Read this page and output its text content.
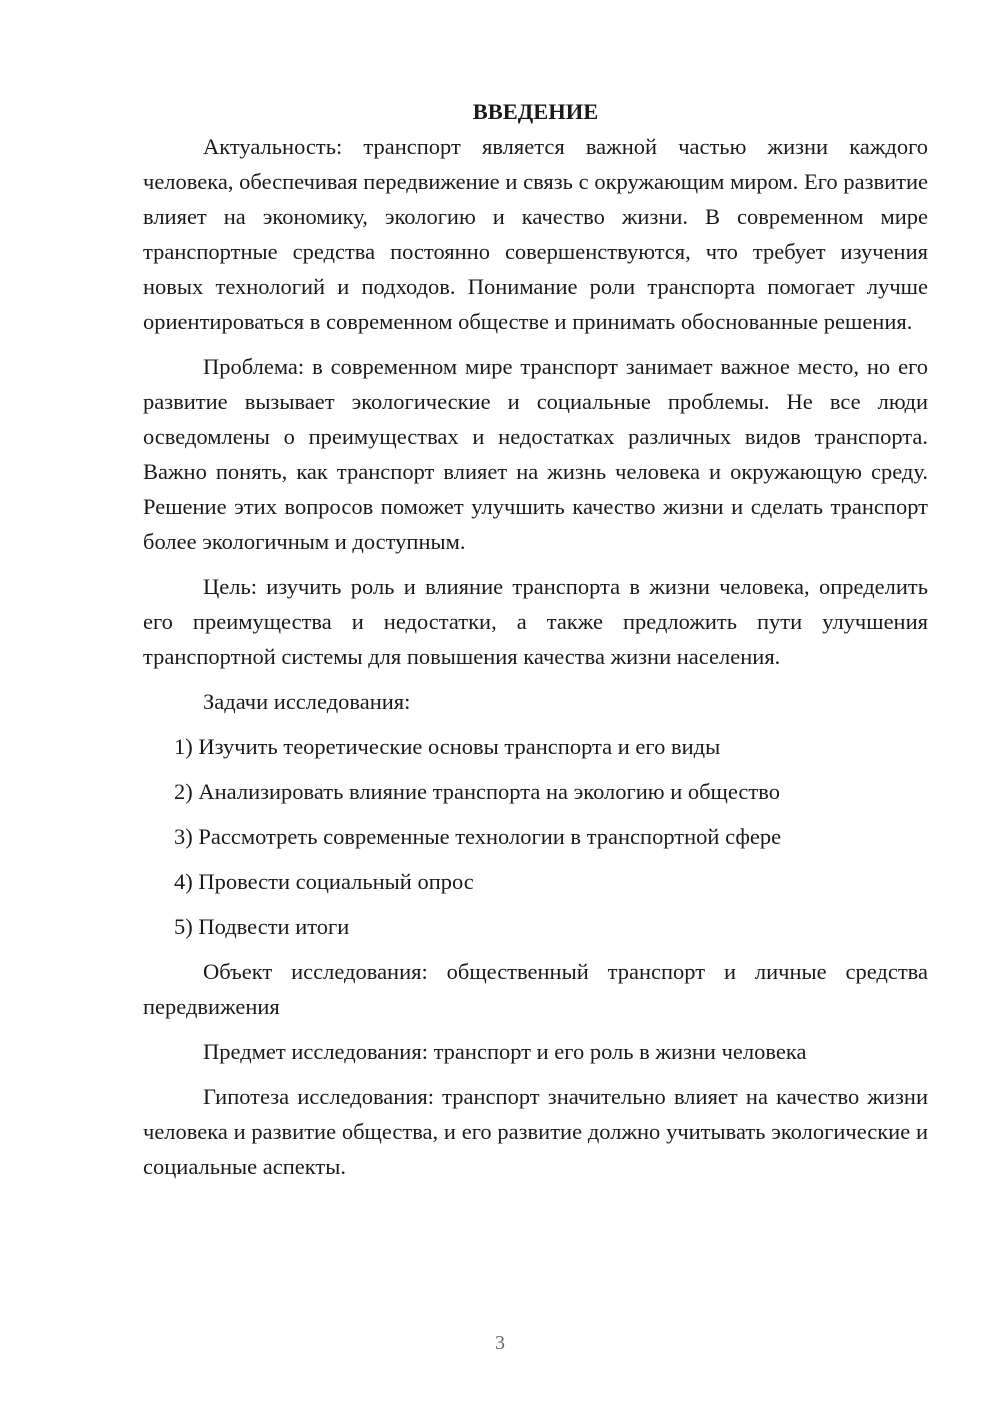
ВВЕДЕНИЕ

Актуальность: транспорт является важной частью жизни каждого человека, обеспечивая передвижение и связь с окружающим миром. Его развитие влияет на экономику, экологию и качество жизни. В современном мире транспортные средства постоянно совершенствуются, что требует изучения новых технологий и подходов. Понимание роли транспорта помогает лучше ориентироваться в современном обществе и принимать обоснованные решения.

Проблема: в современном мире транспорт занимает важное место, но его развитие вызывает экологические и социальные проблемы. Не все люди осведомлены о преимуществах и недостатках различных видов транспорта. Важно понять, как транспорт влияет на жизнь человека и окружающую среду. Решение этих вопросов поможет улучшить качество жизни и сделать транспорт более экологичным и доступным.

Цель: изучить роль и влияние транспорта в жизни человека, определить его преимущества и недостатки, а также предложить пути улучшения транспортной системы для повышения качества жизни населения.

Задачи исследования:

1) Изучить теоретические основы транспорта и его виды
2) Анализировать влияние транспорта на экологию и общество
3) Рассмотреть современные технологии в транспортной сфере
4) Провести социальный опрос
5) Подвести итоги

Объект исследования: общественный транспорт и личные средства передвижения

Предмет исследования: транспорт и его роль в жизни человека

Гипотеза исследования: транспорт значительно влияет на качество жизни человека и развитие общества, и его развитие должно учитывать экологические и социальные аспекты.

3
